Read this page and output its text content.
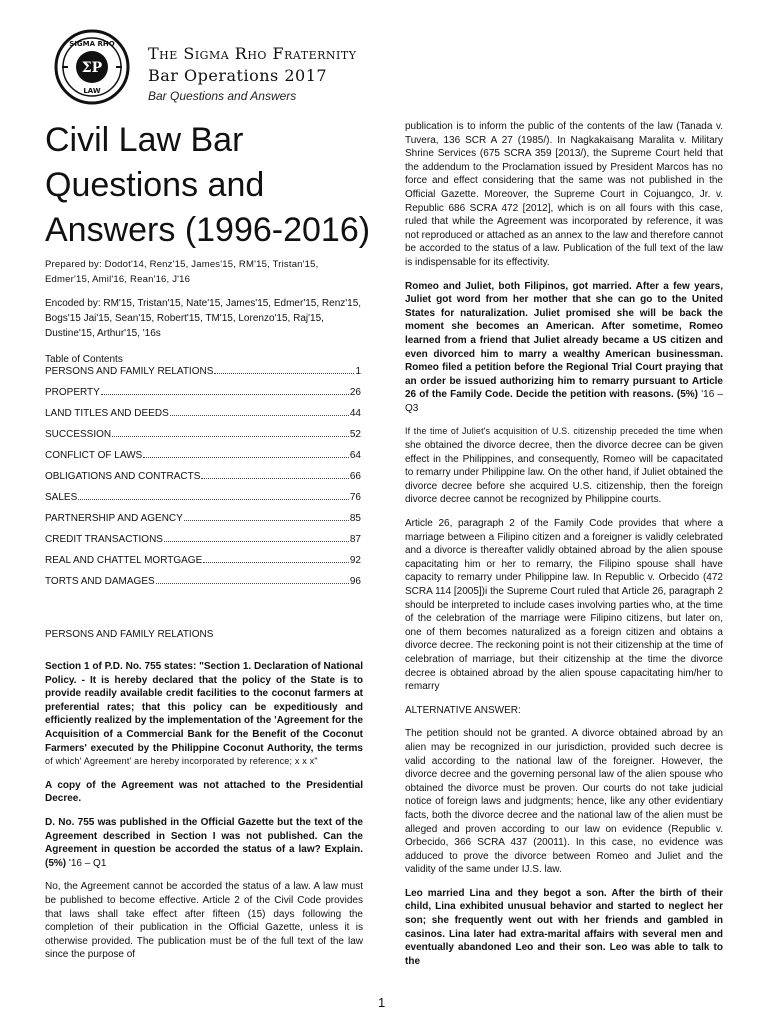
ΣP
SIGMA RHO
LAW
The Sigma Rho Fraternity
Bar Operations 2017
Bar Questions and Answers
Civil Law Bar
Questions and
Answers (1996-2016)
Prepared by: Dodot'14, Renz'15, James'15, RM'15, Tristan'15, Edmer'15, Amil'16, Rean'16, J'16
Encoded by: RM'15, Tristan'15, Nate'15, James'15, Edmer'15, Renz'15, Bogs'15 Jai'15, Sean'15, Robert'15, TM'15, Lorenzo'15, Raj'15, Dustine'15, Arthur'15, '16s
Table of Contents
PERSONS AND FAMILY RELATIONS	1
PROPERTY	26
LAND TITLES AND DEEDS	44
SUCCESSION	52
CONFLICT OF LAWS	64
OBLIGATIONS AND CONTRACTS	66
SALES	76
PARTNERSHIP AND AGENCY	85
CREDIT TRANSACTIONS	87
REAL AND CHATTEL MORTGAGE	92
TORTS AND DAMAGES	96
PERSONS AND FAMILY RELATIONS

Section 1 of P.D. No. 755 states: "Section 1. Declaration of National Policy. - It is hereby declared that the policy of the State is to provide readily available credit facilities to the coconut farmers at preferential rates; that this policy can be expeditiously and efficiently realized by the implementation of the 'Agreement for the Acquisition of a Commercial Bank for the Benefit of the Coconut Farmers' executed by the Philippine Coconut Authority, the terms of which' Agreement' are hereby incorporated by reference; x x x"

A copy of the Agreement was not attached to the Presidential Decree.

D. No. 755 was published in the Official Gazette but the text of the Agreement described in Section I was not published. Can the Agreement in question be accorded the status of a law? Explain. (5%) '16 – Q1

No, the Agreement cannot be accorded the status of a law. A law must be published to become effective. Article 2 of the Civil Code provides that laws shall take effect after fifteen (15) days following the completion of their publication in the Official Gazette, unless it is otherwise provided. The publication must be of the full text of the law since the purpose of

publication is to inform the public of the contents of the law (Tanada v. Tuvera, 136 SCR A 27 (1985/). In Nagkakaisang Maralita v. Military Shrine Services (675 SCRA 359 [2013/), the Supreme Court held that the addendum to the Proclamation issued by President Marcos has no force and effect considering that the same was not published in the Official Gazette. Moreover, the Supreme Court in Cojuangco, Jr. v. Republic 686 SCRA 472 [2012], which is on all fours with this case, ruled that while the Agreement was incorporated by reference, it was not reproduced or attached as an annex to the law and therefore cannot be accorded to the status of a law. Publication of the full text of the law is indispensable for its effectivity.

Romeo and Juliet, both Filipinos, got married. After a few years, Juliet got word from her mother that she can go to the United States for naturalization. Juliet promised she will be back the moment she becomes an American. After sometime, Romeo learned from a friend that Juliet already became a US citizen and even divorced him to marry a wealthy American businessman. Romeo filed a petition before the Regional Trial Court praying that an order be issued authorizing him to remarry pursuant to Article 26 of the Family Code. Decide the petition with reasons. (5%) '16 – Q3

If the time of Juliet's acquisition of U.S. citizenship preceded the time when she obtained the divorce decree, then the divorce decree can be given effect in the Philippines, and consequently, Romeo will be capacitated to remarry under Philippine law. On the other hand, if Juliet obtained the divorce decree before she acquired U.S. citizenship, then the foreign divorce decree cannot be recognized by Philippine courts.

Article 26, paragraph 2 of the Family Code provides that where a marriage between a Filipino citizen and a foreigner is validly celebrated and a divorce is thereafter validly obtained abroad by the alien spouse capacitating him or her to remarry, the Filipino spouse shall have capacity to remarry under Philippine law. In Republic v. Orbecido (472 SCRA 114 [2005])i the Supreme Court ruled that Article 26, paragraph 2 should be interpreted to include cases involving parties who, at the time of the celebration of the marriage were Filipino citizens, but later on, one of them becomes naturalized as a foreign citizen and obtains a divorce decree. The reckoning point is not their citizenship at the time of celebration of marriage, but their citizenship at the time the divorce decree is obtained abroad by the alien spouse capacitating him/her to remarry

ALTERNATIVE ANSWER:

The petition should not be granted. A divorce obtained abroad by an alien may be recognized in our jurisdiction, provided such decree is valid according to the national law of the foreigner. However, the divorce decree and the governing personal law of the alien spouse who obtained the divorce must be proven. Our courts do not take judicial notice of foreign laws and judgments; hence, like any other evidentiary facts, both the divorce decree and the national law of the alien must be alleged and proven according to our law on evidence (Republic v. Orbecido, 366 SCRA 437 (20011). In this case, no evidence was adduced to prove the divorce between Romeo and Juliet and the validity of the same under IJ.S. law.

Leo married Lina and they begot a son. After the birth of their child, Lina exhibited unusual behavior and started to neglect her son; she frequently went out with her friends and gambled in casinos. Lina later had extra-marital affairs with several men and eventually abandoned Leo and their son. Leo was able to talk to the

1
